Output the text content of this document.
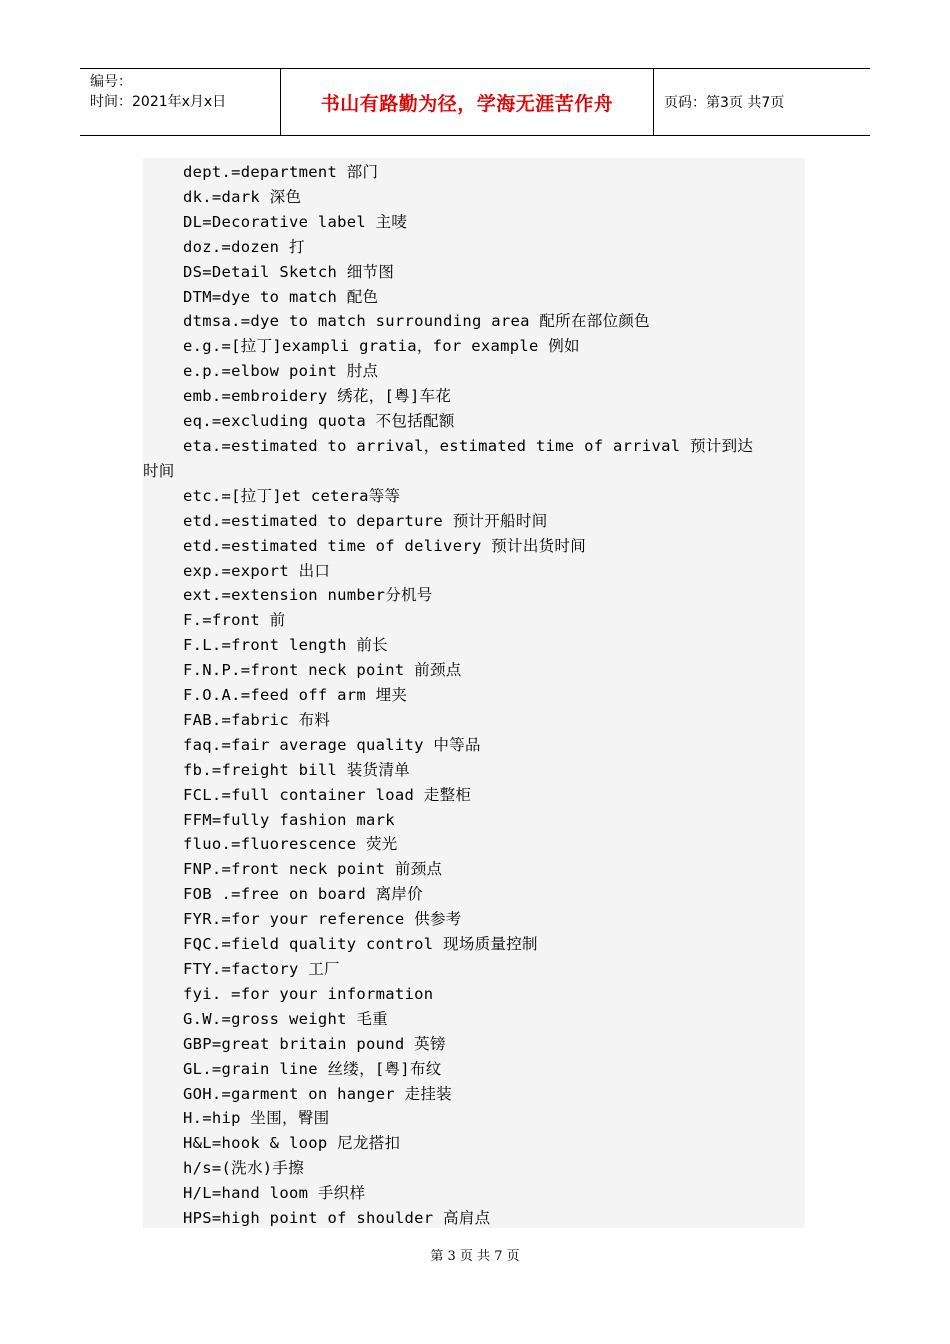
编号：
时间：2021年x月x日	书山有路勤为径，学海无涯苦作舟	页码：第3页 共7页
dept.=department 部门
dk.=dark 深色
DL=Decorative label 主唛
doz.=dozen 打
DS=Detail Sketch 细节图
DTM=dye to match 配色
dtmsa.=dye to match surrounding area 配所在部位颜色
e.g.=[拉丁]exampli gratia，for example 例如
e.p.=elbow point 肘点
emb.=embroidery 绣花，[粤]车花
eq.=excluding quota 不包括配额
eta.=estimated to arrival，estimated time of arrival 预计到达
时间
etc.=[拉丁]et cetera等等
etd.=estimated to departure 预计开船时间
etd.=estimated time of delivery 预计出货时间
exp.=export 出口
ext.=extension number分机号
F.=front 前
F.L.=front length 前长
F.N.P.=front neck point 前颈点
F.O.A.=feed off arm 埋夹
FAB.=fabric 布料
faq.=fair average quality 中等品
fb.=freight bill 装货清单
FCL.=full container load 走整柜
FFM=fully fashion mark
fluo.=fluorescence 荧光
FNP.=front neck point 前颈点
FOB .=free on board 离岸价
FYR.=for your reference 供参考
FQC.=field quality control 现场质量控制
FTY.=factory 工厂
fyi. =for your information
G.W.=gross weight 毛重
GBP=great britain pound 英镑
GL.=grain line 丝缕，[粤]布纹
GOH.=garment on hanger 走挂装
H.=hip 坐围，臀围
H&L=hook & loop 尼龙搭扣
h/s=(洗水)手擦
H/L=hand loom 手织样
HPS=high point of shoulder 高肩点
第 3 页 共 7 页
